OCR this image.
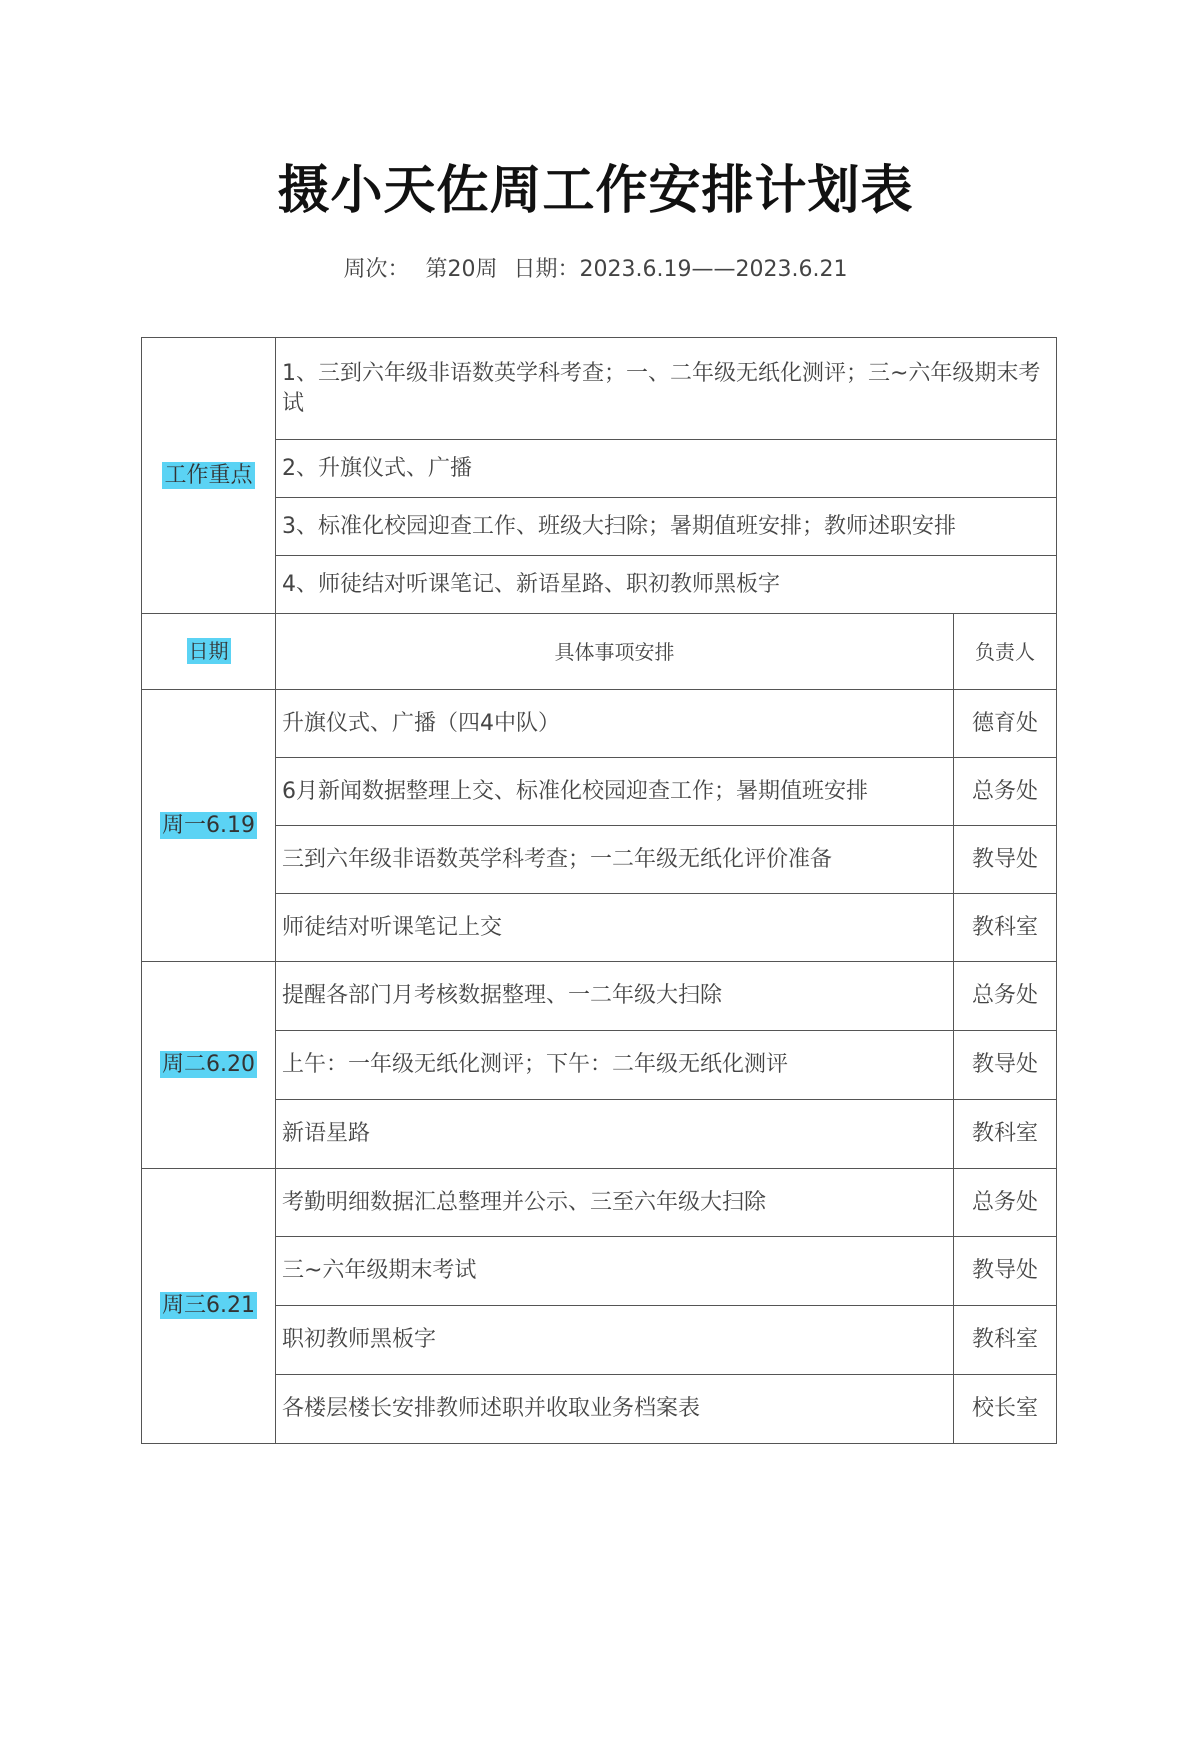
摄小天佐周工作安排计划表
周次： 第20周 日期：2023.6.19——2023.6.21
工作重点	1、三到六年级非语数英学科考查；一、二年级无纸化测评；三~六年级期末考试	
	2、升旗仪式、广播	
	3、标准化校园迎查工作、班级大扫除；暑期值班安排；教师述职安排	
	4、师徒结对听课笔记、新语星路、职初教师黑板字	
日期	具体事项安排	负责人
周一6.19	升旗仪式、广播（四4中队）	德育处
	6月新闻数据整理上交、标准化校园迎查工作；暑期值班安排	总务处
	三到六年级非语数英学科考查；一二年级无纸化评价准备	教导处
	师徒结对听课笔记上交	教科室
周二6.20	提醒各部门月考核数据整理、一二年级大扫除	总务处
	上午：一年级无纸化测评；下午：二年级无纸化测评	教导处
	新语星路	教科室
周三6.21	考勤明细数据汇总整理并公示、三至六年级大扫除	总务处
	三~六年级期末考试	教导处
	职初教师黑板字	教科室
	各楼层楼长安排教师述职并收取业务档案表	校长室
